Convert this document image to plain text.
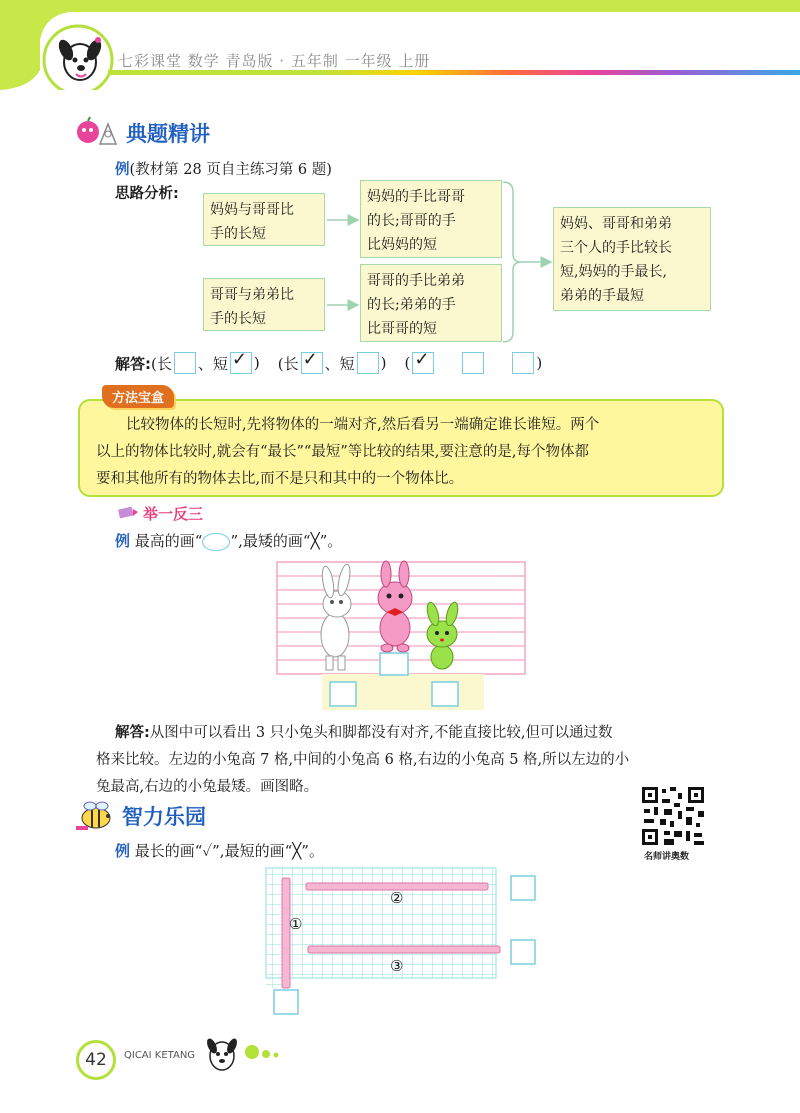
七彩课堂 数学 青岛版 · 五年制 一年级 上册
典题精讲
例(教材第 28 页自主练习第 6 题)
思路分析:
妈妈与哥哥比
手的长短
妈妈的手比哥哥
的长;哥哥的手
比妈妈的短
哥哥与弟弟比
手的长短
哥哥的手比弟弟
的长;弟弟的手
比哥哥的短
妈妈、哥哥和弟弟
三个人的手比较长
短,妈妈的手最长,
弟弟的手最短
解答: (长 、短 ✓ ) (长 ✓ 、短 ) ( ✓	)
方法宝盒
比较物体的长短时,先将物体的一端对齐,然后看另一端确定谁长谁短。两个
以上的物体比较时,就会有“最长”“最短”等比较的结果,要注意的是,每个物体都
要和其他所有的物体去比,而不是只和其中的一个物体比。
举一反三
例 最高的画“ ”,最矮的画“╳”。
解答:从图中可以看出 3 只小兔头和脚都没有对齐,不能直接比较,但可以通过数
格来比较。左边的小兔高 7 格,中间的小兔高 6 格,右边的小兔高 5 格,所以左边的小
兔最高,右边的小兔最矮。画图略。
智力乐园
名师讲奥数
例 最长的画“✓”,最短的画“╳”。
①
②
③
42	QICAI KETANG
